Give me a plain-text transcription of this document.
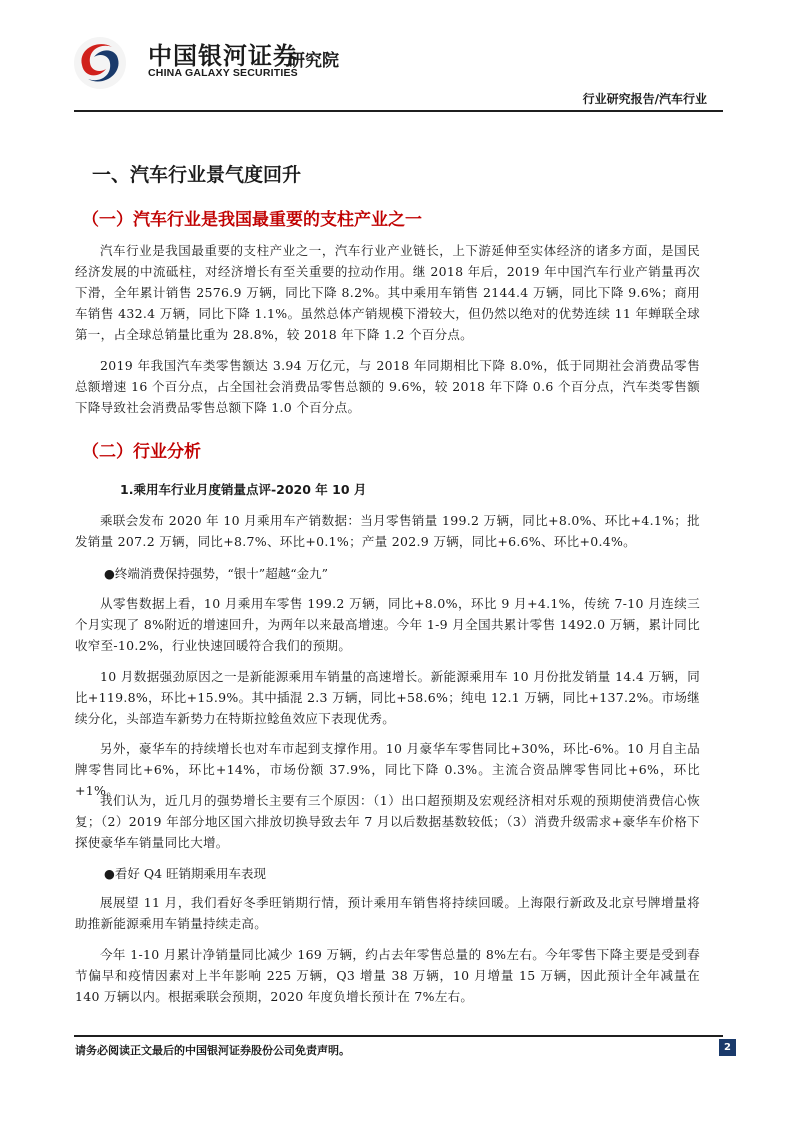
中国银河证券
CHINA GALAXY SECURITIES
研究院
行业研究报告/汽车行业
一、汽车行业景气度回升
（一）汽车行业是我国最重要的支柱产业之一

汽车行业是我国最重要的支柱产业之一，汽车行业产业链长，上下游延伸至实体经济的诸多方面，是国民经济发展的中流砥柱，对经济增长有至关重要的拉动作用。继 2018 年后，2019 年中国汽车行业产销量再次下滑，全年累计销售 2576.9 万辆，同比下降 8.2%。其中乘用车销售 2144.4 万辆，同比下降 9.6%；商用车销售 432.4 万辆，同比下降 1.1%。虽然总体产销规模下滑较大，但仍然以绝对的优势连续 11 年蝉联全球第一，占全球总销量比重为 28.8%，较 2018 年下降 1.2 个百分点。

2019 年我国汽车类零售额达 3.94 万亿元，与 2018 年同期相比下降 8.0%，低于同期社会消费品零售总额增速 16 个百分点，占全国社会消费品零售总额的 9.6%，较 2018 年下降 0.6 个百分点，汽车类零售额下降导致社会消费品零售总额下降 1.0 个百分点。

（二）行业分析
1.乘用车行业月度销量点评-2020 年 10 月

乘联会发布 2020 年 10 月乘用车产销数据：当月零售销量 199.2 万辆，同比+8.0%、环比+4.1%；批发销量 207.2 万辆，同比+8.7%、环比+0.1%；产量 202.9 万辆，同比+6.6%、环比+0.4%。

●终端消费保持强势，“银十”超越“金九”

从零售数据上看，10 月乘用车零售 199.2 万辆，同比+8.0%，环比 9 月+4.1%，传统 7-10 月连续三个月实现了 8%附近的增速回升，为两年以来最高增速。今年 1-9 月全国共累计零售 1492.0 万辆，累计同比收窄至-10.2%，行业快速回暖符合我们的预期。

10 月数据强劲原因之一是新能源乘用车销量的高速增长。新能源乘用车 10 月份批发销量 14.4 万辆，同比+119.8%，环比+15.9%。其中插混 2.3 万辆，同比+58.6%；纯电 12.1 万辆，同比+137.2%。市场继续分化，头部造车新势力在特斯拉鲶鱼效应下表现优秀。

另外，豪华车的持续增长也对车市起到支撑作用。10 月豪华车零售同比+30%，环比-6%。10 月自主品牌零售同比+6%，环比+14%，市场份额 37.9%，同比下降 0.3%。主流合资品牌零售同比+6%，环比+1%。

我们认为，近几月的强势增长主要有三个原因：（1）出口超预期及宏观经济相对乐观的预期使消费信心恢复；（2）2019 年部分地区国六排放切换导致去年 7 月以后数据基数较低；（3）消费升级需求+豪华车价格下探使豪华车销量同比大增。

●看好 Q4 旺销期乘用车表现

展展望 11 月，我们看好冬季旺销期行情，预计乘用车销售将持续回暖。上海限行新政及北京号牌增量将助推新能源乘用车销量持续走高。

今年 1-10 月累计净销量同比减少 169 万辆，约占去年零售总量的 8%左右。今年零售下降主要是受到春节偏早和疫情因素对上半年影响 225 万辆，Q3 增量 38 万辆，10 月增量 15 万辆，因此预计全年减量在 140 万辆以内。根据乘联会预期，2020 年度负增长预计在 7%左右。

请务必阅读正文最后的中国银河证券股份公司免责声明。	2
